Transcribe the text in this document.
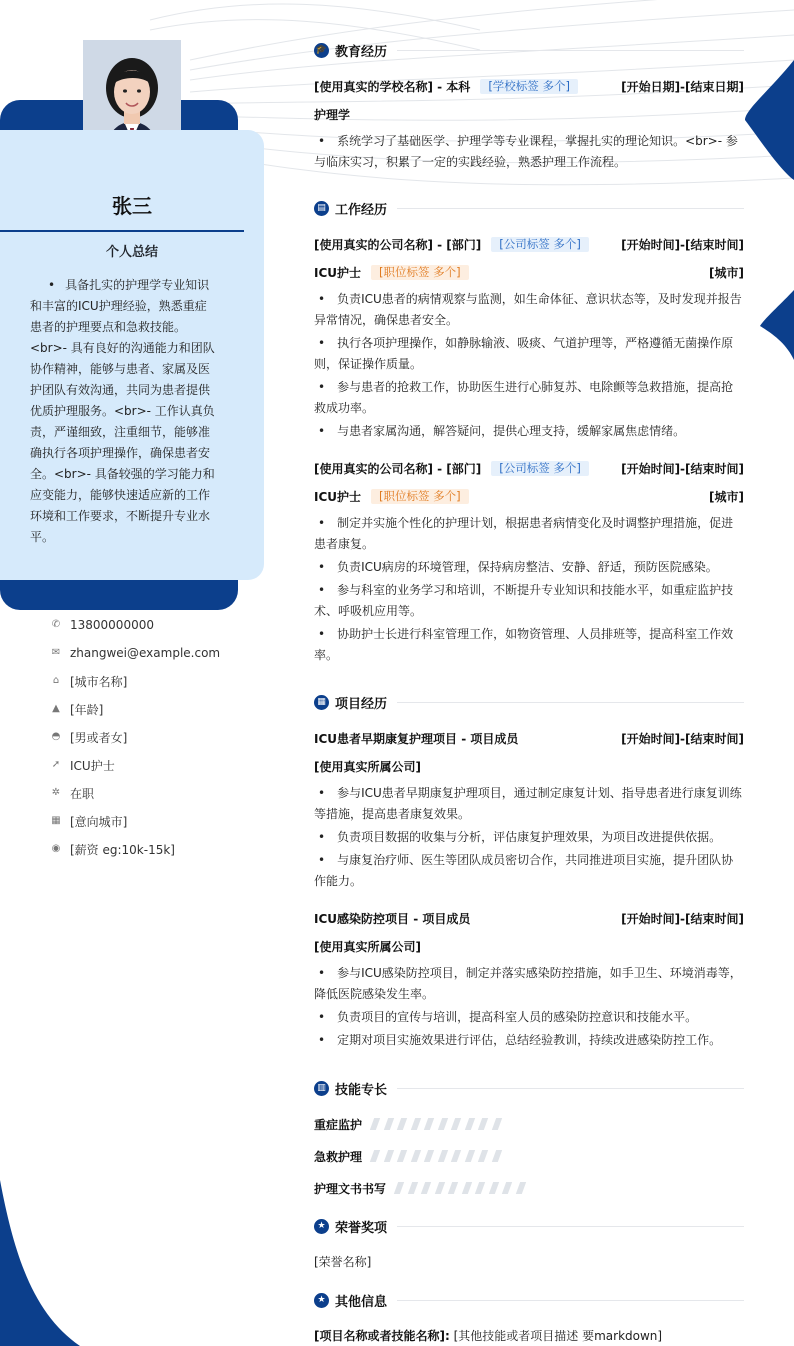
张三
个人总结
• 具备扎实的护理学专业知识和丰富的ICU护理经验，熟悉重症患者的护理要点和急救技能。<br>- 具有良好的沟通能力和团队协作精神，能够与患者、家属及医护团队有效沟通，共同为患者提供优质护理服务。<br>- 工作认真负责，严谨细致，注重细节，能够准确执行各项护理操作，确保患者安全。<br>- 具备较强的学习能力和应变能力，能够快速适应新的工作环境和工作要求，不断提升专业水平。
✆ 13800000000
✉ zhangwei@example.com
⌂ [城市名称]
▲ [年龄]
◓ [男或者女]
➚ ICU护士
✲ 在职
▦ [意向城市]
◉ [薪资 eg:10k-15k]
🎓 教育经历
[使用真实的学校名称] - 本科	[学校标签 多个]	[开始日期]-[结束日期]
护理学
• 系统学习了基础医学、护理学等专业课程，掌握扎实的理论知识。<br>- 参与临床实习，积累了一定的实践经验，熟悉护理工作流程。
▤ 工作经历
[使用真实的公司名称] - [部门]	[公司标签 多个]	[开始时间]-[结束时间]
ICU护士	[职位标签 多个]	[城市]
• 负责ICU患者的病情观察与监测，如生命体征、意识状态等，及时发现并报告异常情况，确保患者安全。
• 执行各项护理操作，如静脉输液、吸痰、气道护理等，严格遵循无菌操作原则，保证操作质量。
• 参与患者的抢救工作，协助医生进行心肺复苏、电除颤等急救措施，提高抢救成功率。
• 与患者家属沟通，解答疑问，提供心理支持，缓解家属焦虑情绪。
[使用真实的公司名称] - [部门]	[公司标签 多个]	[开始时间]-[结束时间]
ICU护士	[职位标签 多个]	[城市]
• 制定并实施个性化的护理计划，根据患者病情变化及时调整护理措施，促进患者康复。
• 负责ICU病房的环境管理，保持病房整洁、安静、舒适，预防医院感染。
• 参与科室的业务学习和培训，不断提升专业知识和技能水平，如重症监护技术、呼吸机应用等。
• 协助护士长进行科室管理工作，如物资管理、人员排班等，提高科室工作效率。
▦ 项目经历
ICU患者早期康复护理项目 - 项目成员	[开始时间]-[结束时间]
[使用真实所属公司]
• 参与ICU患者早期康复护理项目，通过制定康复计划、指导患者进行康复训练等措施，提高患者康复效果。
• 负责项目数据的收集与分析，评估康复护理效果，为项目改进提供依据。
• 与康复治疗师、医生等团队成员密切合作，共同推进项目实施，提升团队协作能力。
ICU感染防控项目 - 项目成员	[开始时间]-[结束时间]
[使用真实所属公司]
• 参与ICU感染防控项目，制定并落实感染防控措施，如手卫生、环境消毒等，降低医院感染发生率。
• 负责项目的宣传与培训，提高科室人员的感染防控意识和技能水平。
• 定期对项目实施效果进行评估，总结经验教训，持续改进感染防控工作。
▥ 技能专长
重症监护
急救护理
护理文书书写
★ 荣誉奖项
[荣誉名称]
★ 其他信息
[项目名称或者技能名称]: [其他技能或者项目描述 要markdown]
